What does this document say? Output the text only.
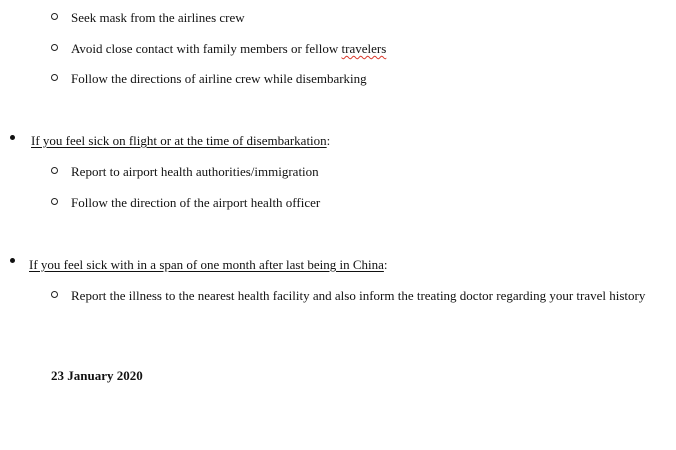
Seek mask from the airlines crew
Avoid close contact with family members or fellow travelers
Follow the directions of airline crew while disembarking
If you feel sick on flight or at the time of disembarkation:
Report to airport health authorities/immigration
Follow the direction of the airport health officer
If you feel sick with in a span of one month after last being in China:
Report the illness to the nearest health facility and also inform the treating doctor regarding your travel history
23 January 2020
